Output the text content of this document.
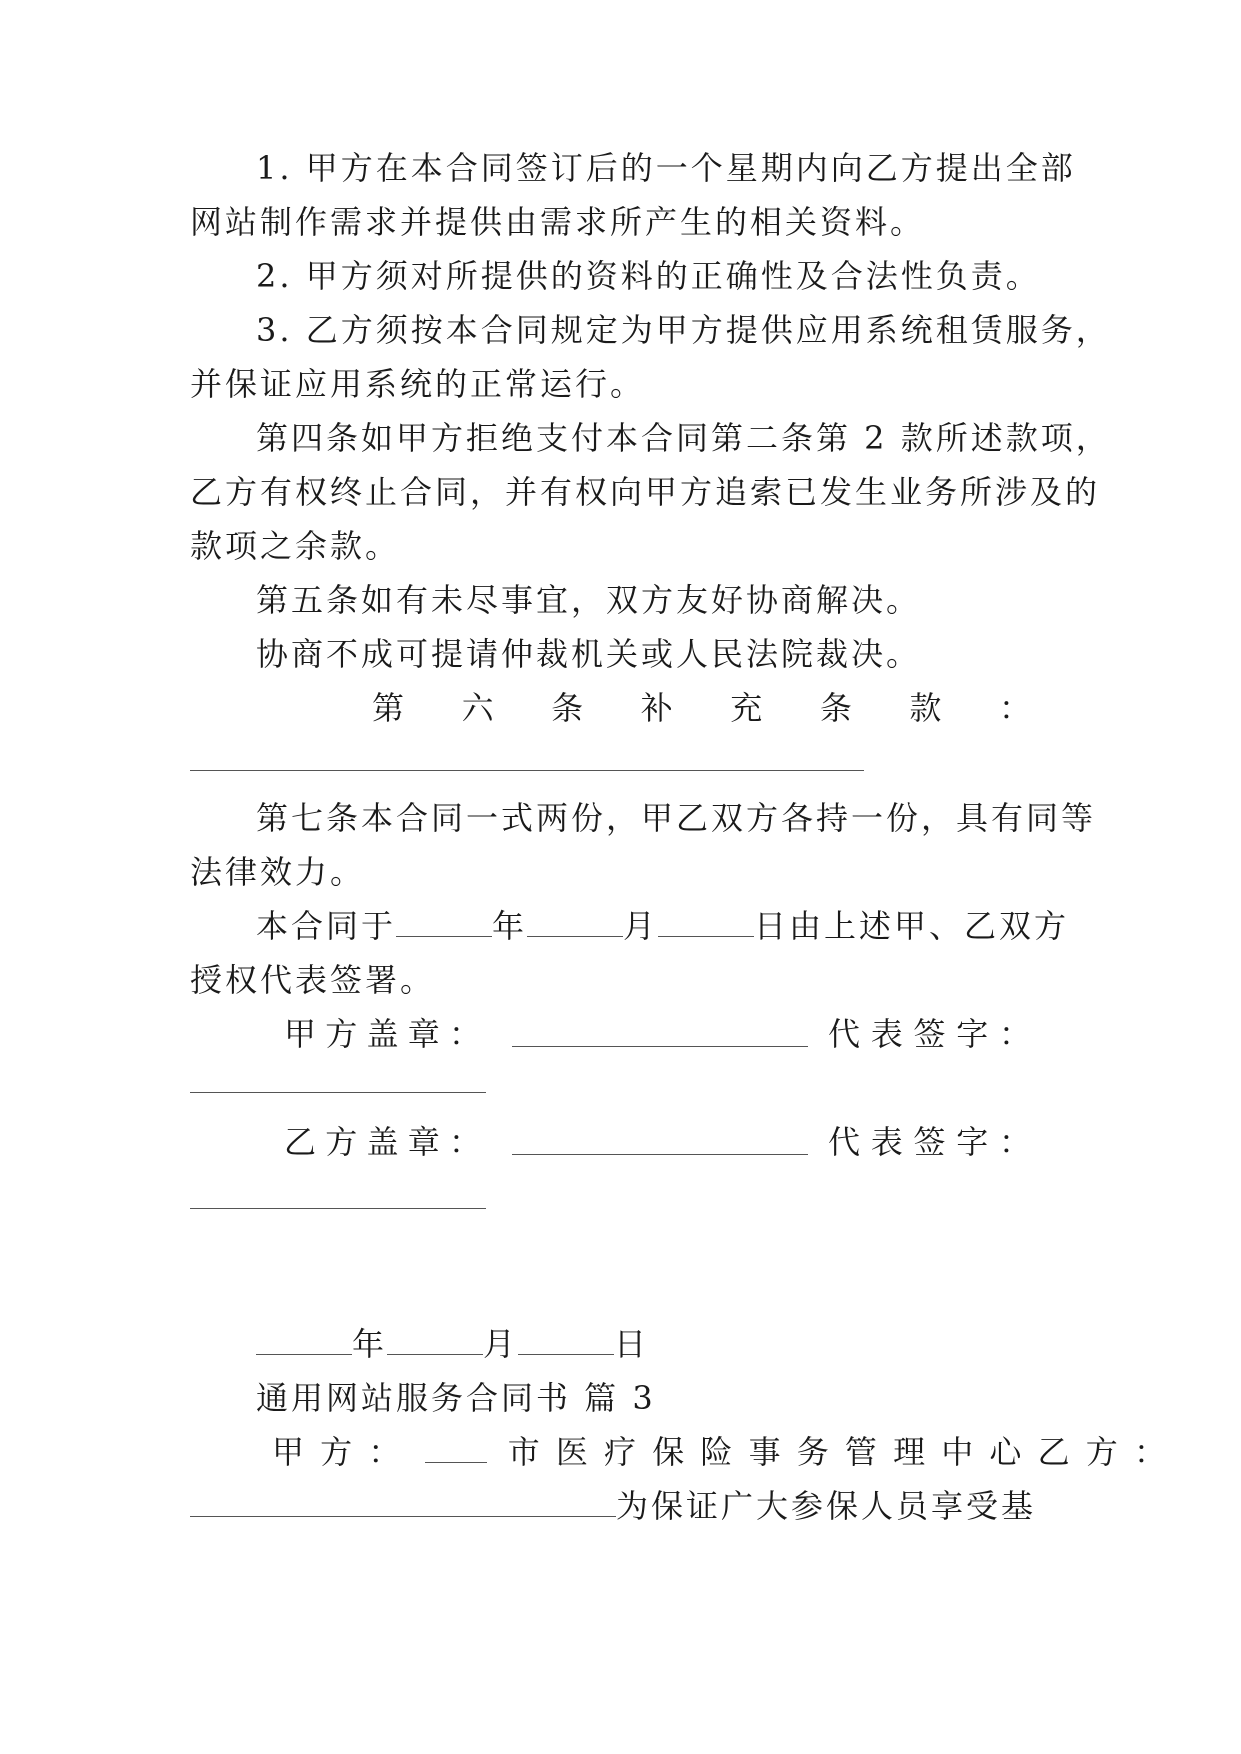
1. 甲方在本合同签订后的一个星期内向乙方提出全部
网站制作需求并提供由需求所产生的相关资料。
2. 甲方须对所提供的资料的正确性及合法性负责。
3. 乙方须按本合同规定为甲方提供应用系统租赁服务，
并保证应用系统的正常运行。
第四条如甲方拒绝支付本合同第二条第 2 款所述款项，
乙方有权终止合同，并有权向甲方追索已发生业务所涉及的
款项之余款。
第五条如有未尽事宜，双方友好协商解决。
协商不成可提请仲裁机关或人民法院裁决。
第 六 条 补 充 条 款 ：
第七条本合同一式两份，甲乙双方各持一份，具有同等
法律效力。
本合同于	年	月	日由上述甲、乙双方
授权代表签署。
甲 方 盖 章 ：	代 表 签 字 ：
乙 方 盖 章 ：	代 表 签 字 ：
年	月	日
通用网站服务合同书 篇 3
甲 方 ：	市 医 疗 保 险 事 务 管 理 中 心 乙 方 ：
为保证广大参保人员享受基
